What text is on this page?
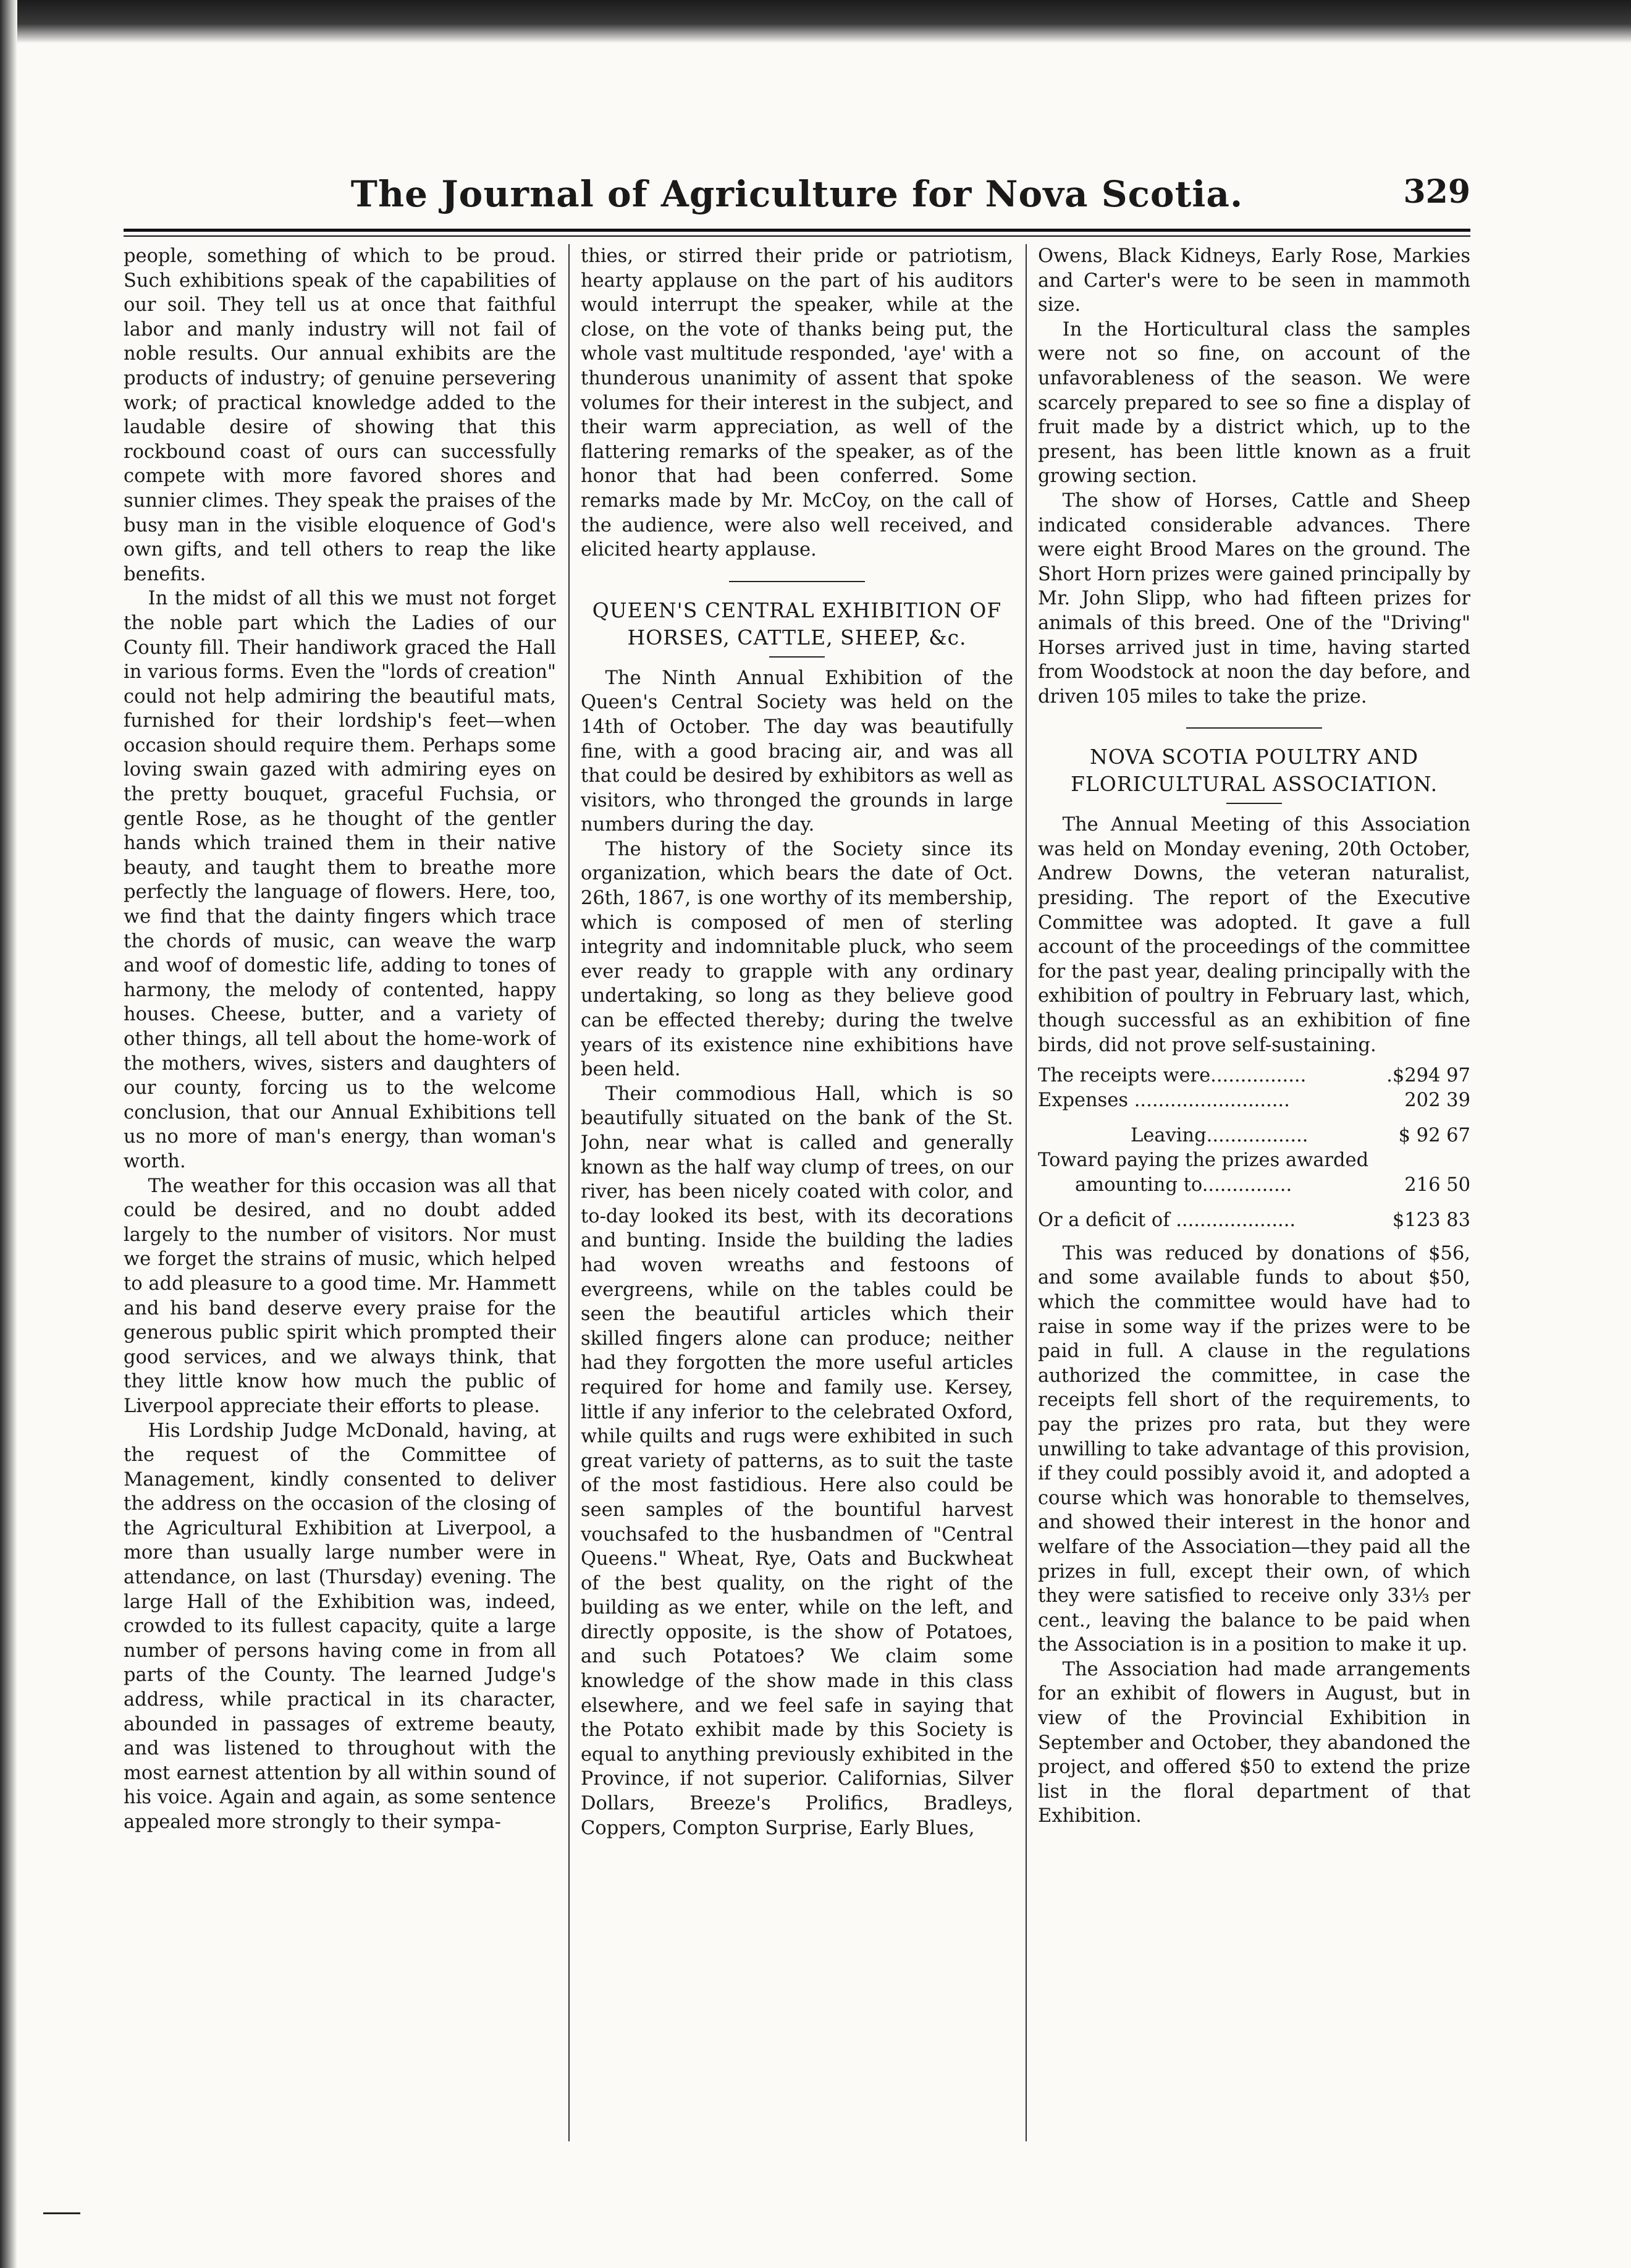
The Journal of Agriculture for Nova Scotia.	329

people, something of which to be proud. Such exhibitions speak of the capabilities of our soil. They tell us at once that faithful labor and manly industry will not fail of noble results. Our annual exhibits are the products of industry; of genuine persevering work; of practical knowledge added to the laudable desire of showing that this rockbound coast of ours can successfully compete with more favored shores and sunnier climes. They speak the praises of the busy man in the visible eloquence of God's own gifts, and tell others to reap the like benefits.

In the midst of all this we must not forget the noble part which the Ladies of our County fill. Their handiwork graced the Hall in various forms. Even the "lords of creation" could not help admiring the beautiful mats, furnished for their lordship's feet—when occasion should require them. Perhaps some loving swain gazed with admiring eyes on the pretty bouquet, graceful Fuchsia, or gentle Rose, as he thought of the gentler hands which trained them in their native beauty, and taught them to breathe more perfectly the language of flowers. Here, too, we find that the dainty fingers which trace the chords of music, can weave the warp and woof of domestic life, adding to tones of harmony, the melody of contented, happy houses. Cheese, butter, and a variety of other things, all tell about the home-work of the mothers, wives, sisters and daughters of our county, forcing us to the welcome conclusion, that our Annual Exhibitions tell us no more of man's energy, than woman's worth.

The weather for this occasion was all that could be desired, and no doubt added largely to the number of visitors. Nor must we forget the strains of music, which helped to add pleasure to a good time. Mr. Hammett and his band deserve every praise for the generous public spirit which prompted their good services, and we always think, that they little know how much the public of Liverpool appreciate their efforts to please.

His Lordship Judge McDonald, having, at the request of the Committee of Management, kindly consented to deliver the address on the occasion of the closing of the Agricultural Exhibition at Liverpool, a more than usually large number were in attendance, on last (Thursday) evening. The large Hall of the Exhibition was, indeed, crowded to its fullest capacity, quite a large number of persons having come in from all parts of the County. The learned Judge's address, while practical in its character, abounded in passages of extreme beauty, and was listened to throughout with the most earnest attention by all within sound of his voice. Again and again, as some sentence appealed more strongly to their sympa-

thies, or stirred their pride or patriotism, hearty applause on the part of his auditors would interrupt the speaker, while at the close, on the vote of thanks being put, the whole vast multitude responded, 'aye' with a thunderous unanimity of assent that spoke volumes for their interest in the subject, and their warm appreciation, as well of the flattering remarks of the speaker, as of the honor that had been conferred. Some remarks made by Mr. McCoy, on the call of the audience, were also well received, and elicited hearty applause.

QUEEN'S CENTRAL EXHIBITION OF HORSES, CATTLE, SHEEP, &c.

The Ninth Annual Exhibition of the Queen's Central Society was held on the 14th of October. The day was beautifully fine, with a good bracing air, and was all that could be desired by exhibitors as well as visitors, who thronged the grounds in large numbers during the day.

The history of the Society since its organization, which bears the date of Oct. 26th, 1867, is one worthy of its membership, which is composed of men of sterling integrity and indomnitable pluck, who seem ever ready to grapple with any ordinary undertaking, so long as they believe good can be effected thereby; during the twelve years of its existence nine exhibitions have been held.

Their commodious Hall, which is so beautifully situated on the bank of the St. John, near what is called and generally known as the half way clump of trees, on our river, has been nicely coated with color, and to-day looked its best, with its decorations and bunting. Inside the building the ladies had woven wreaths and festoons of evergreens, while on the tables could be seen the beautiful articles which their skilled fingers alone can produce; neither had they forgotten the more useful articles required for home and family use. Kersey, little if any inferior to the celebrated Oxford, while quilts and rugs were exhibited in such great variety of patterns, as to suit the taste of the most fastidious. Here also could be seen samples of the bountiful harvest vouchsafed to the husbandmen of "Central Queens." Wheat, Rye, Oats and Buckwheat of the best quality, on the right of the building as we enter, while on the left, and directly opposite, is the show of Potatoes, and such Potatoes? We claim some knowledge of the show made in this class elsewhere, and we feel safe in saying that the Potato exhibit made by this Society is equal to anything previously exhibited in the Province, if not superior. Californias, Silver Dollars, Breeze's Prolifics, Bradleys, Coppers, Compton Surprise, Early Blues,

Owens, Black Kidneys, Early Rose, Markies and Carter's were to be seen in mammoth size.

In the Horticultural class the samples were not so fine, on account of the unfavorableness of the season. We were scarcely prepared to see so fine a display of fruit made by a district which, up to the present, has been little known as a fruit growing section.

The show of Horses, Cattle and Sheep indicated considerable advances. There were eight Brood Mares on the ground. The Short Horn prizes were gained principally by Mr. John Slipp, who had fifteen prizes for animals of this breed. One of the "Driving" Horses arrived just in time, having started from Woodstock at noon the day before, and driven 105 miles to take the prize.

NOVA SCOTIA POULTRY AND FLORICULTURAL ASSOCIATION.

The Annual Meeting of this Association was held on Monday evening, 20th October, Andrew Downs, the veteran naturalist, presiding. The report of the Executive Committee was adopted. It gave a full account of the proceedings of the committee for the past year, dealing principally with the exhibition of poultry in February last, which, though successful as an exhibition of fine birds, did not prove self-sustaining.

The receipts were................	.$294 97
Expenses ..........................	202 39
Leaving.................	$ 92 67
Toward paying the prizes awarded
amounting to...............	216 50
Or a deficit of ....................	$123 83

This was reduced by donations of $56, and some available funds to about $50, which the committee would have had to raise in some way if the prizes were to be paid in full. A clause in the regulations authorized the committee, in case the receipts fell short of the requirements, to pay the prizes pro rata, but they were unwilling to take advantage of this provision, if they could possibly avoid it, and adopted a course which was honorable to themselves, and showed their interest in the honor and welfare of the Association—they paid all the prizes in full, except their own, of which they were satisfied to receive only 33⅓ per cent., leaving the balance to be paid when the Association is in a position to make it up.

The Association had made arrangements for an exhibit of flowers in August, but in view of the Provincial Exhibition in September and October, they abandoned the project, and offered $50 to extend the prize list in the floral department of that Exhibition.
